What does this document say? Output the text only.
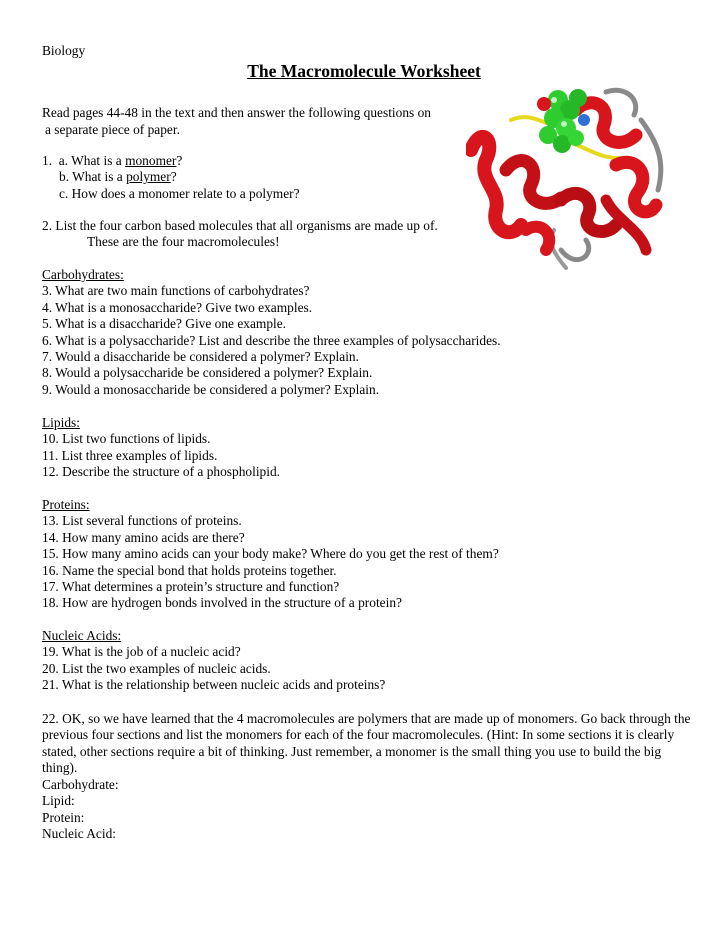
Biology
The Macromolecule Worksheet
Read pages 44-48 in the text and then answer the following questions on
a separate piece of paper.
1.  a. What is a monomer?
b. What is a polymer?
c. How does a monomer relate to a polymer?
2. List the four carbon based molecules that all organisms are made up of.
These are the four macromolecules!
Carbohydrates:
3. What are two main functions of carbohydrates?
4. What is a monosaccharide? Give two examples.
5. What is a disaccharide? Give one example.
6. What is a polysaccharide? List and describe the three examples of polysaccharides.
7. Would a disaccharide be considered a polymer? Explain.
8. Would a polysaccharide be considered a polymer? Explain.
9. Would a monosaccharide be considered a polymer? Explain.
Lipids:
10. List two functions of lipids.
11. List three examples of lipids.
12. Describe the structure of a phospholipid.
Proteins:
13. List several functions of proteins.
14. How many amino acids are there?
15. How many amino acids can your body make? Where do you get the rest of them?
16. Name the special bond that holds proteins together.
17. What determines a protein’s structure and function?
18. How are hydrogen bonds involved in the structure of a protein?
Nucleic Acids:
19. What is the job of a nucleic acid?
20. List the two examples of nucleic acids.
21. What is the relationship between nucleic acids and proteins?
22. OK, so we have learned that the 4 macromolecules are polymers that are made up of monomers. Go back through the previous four sections and list the monomers for each of the four macromolecules. (Hint: In some sections it is clearly stated, other sections require a bit of thinking. Just remember, a monomer is the small thing you use to build the big thing).
Carbohydrate:
Lipid:
Protein:
Nucleic Acid:
